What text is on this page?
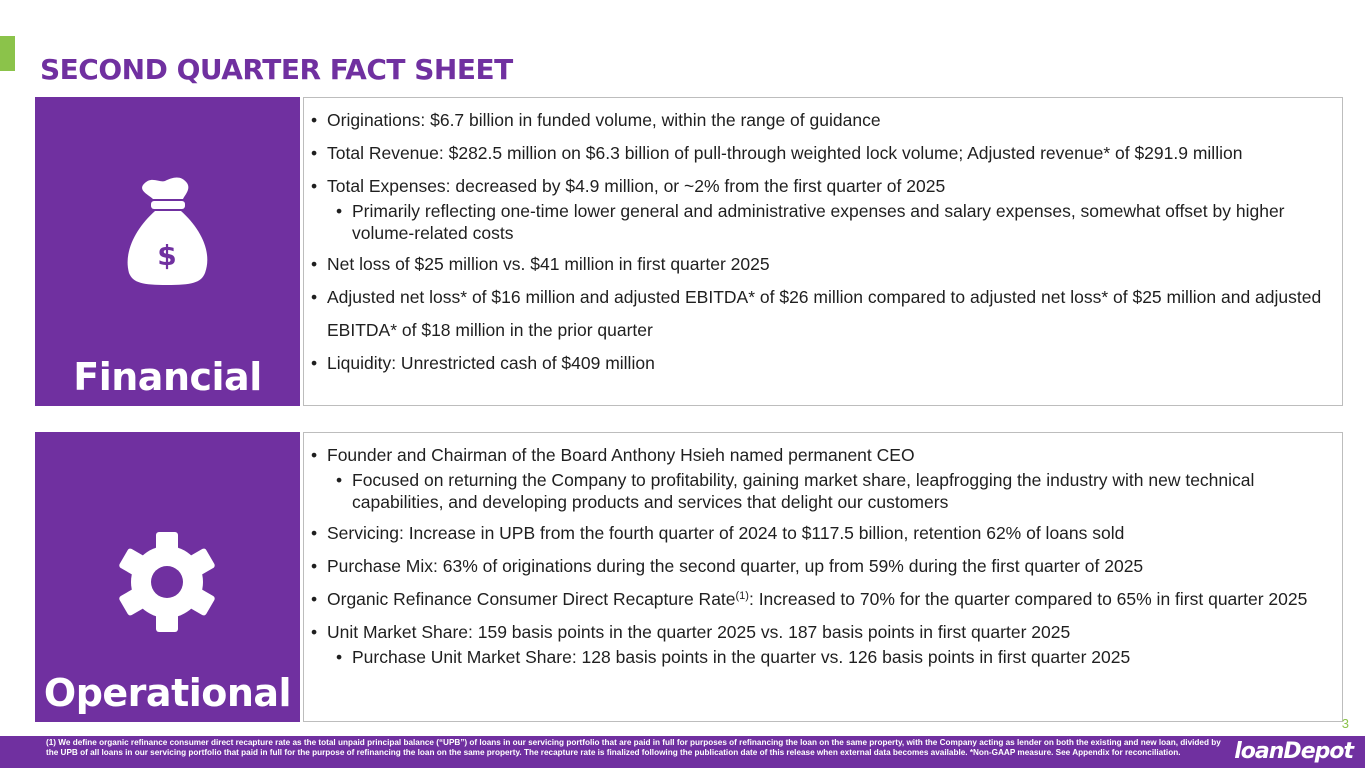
SECOND QUARTER FACT SHEET
$
Financial
• Originations: $6.7 billion in funded volume, within the range of guidance
• Total Revenue: $282.5 million on $6.3 billion of pull-through weighted lock volume; Adjusted revenue* of $291.9 million
• Total Expenses: decreased by $4.9 million, or ~2% from the first quarter of 2025
• Primarily reflecting one-time lower general and administrative expenses and salary expenses, somewhat offset by higher volume-related costs
• Net loss of $25 million vs. $41 million in first quarter 2025
• Adjusted net loss* of $16 million and adjusted EBITDA* of $26 million compared to adjusted net loss* of $25 million and adjusted EBITDA* of $18 million in the prior quarter
• Liquidity: Unrestricted cash of $409 million
Operational
• Founder and Chairman of the Board Anthony Hsieh named permanent CEO
• Focused on returning the Company to profitability, gaining market share, leapfrogging the industry with new technical capabilities, and developing products and services that delight our customers
• Servicing: Increase in UPB from the fourth quarter of 2024 to $117.5 billion, retention 62% of loans sold
• Purchase Mix: 63% of originations during the second quarter, up from 59% during the first quarter of 2025
• Organic Refinance Consumer Direct Recapture Rate$^{(1)}$: Increased to 70% for the quarter compared to 65% in first quarter 2025
• Unit Market Share: 159 basis points in the quarter 2025 vs. 187 basis points in first quarter 2025
• Purchase Unit Market Share: 128 basis points in the quarter vs. 126 basis points in first quarter 2025
3

(1) We define organic refinance consumer direct recapture rate as the total unpaid principal balance (“UPB”) of loans in our servicing portfolio that are paid in full for purposes of refinancing the loan on the same property, with the Company acting as lender on both the existing and new loan, divided by the UPB of all loans in our servicing portfolio that paid in full for the purpose of refinancing the loan on the same property. The recapture rate is finalized following the publication date of this release when external data becomes available. *Non-GAAP measure. See Appendix for reconciliation.	loanDepot
